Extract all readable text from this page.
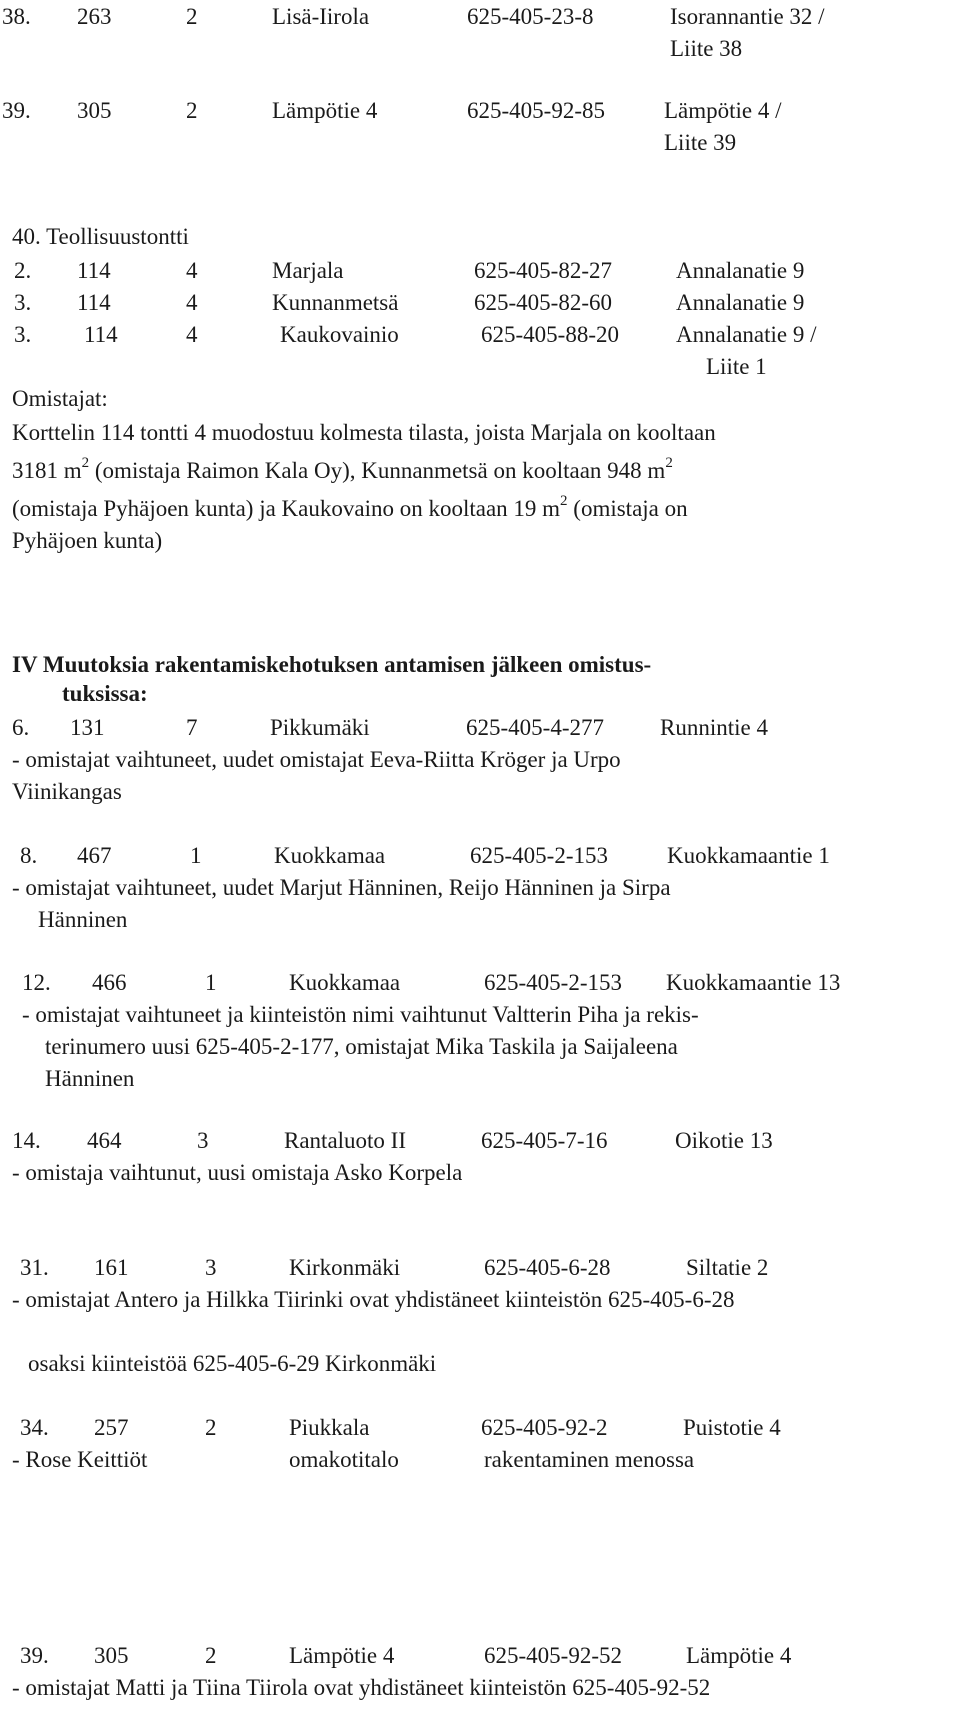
38. 263	2	Lisä-Iirola	625-405-23-8	Isorannantie 32 /
Liite 38
39. 305	2	Lämpötie 4	625-405-92-85	Lämpötie 4 /
Liite 39
40. Teollisuustontti
2. 114	4	Marjala	625-405-82-27	Annalanatie 9
3. 114	4	Kunnanmetsä	625-405-82-60	Annalanatie 9
3. 114	4	Kaukovainio	625-405-88-20 Annalanatie 9 /
Liite 1
Omistajat:
Korttelin 114 tontti 4 muodostuu kolmesta tilasta, joista Marjala on kooltaan
3181 $m^2$ (omistaja Raimon Kala Oy), Kunnanmetsä on kooltaan 948 $m^2$
(omistaja Pyhäjoen kunta) ja Kaukovaino on kooltaan 19 $m^2$ (omistaja on
Pyhäjoen kunta)
IV Muutoksia rakentamiskehotuksen antamisen jälkeen omistus-
tuksissa:
6. 131	7	Pikkumäki	625-405-4-277 Runnintie 4
- omistajat vaihtuneet, uudet omistajat Eeva-Riitta Kröger ja Urpo
Viinikangas
8. 467	1	Kuokkamaa	625-405-2-153	Kuokkamaantie 1
- omistajat vaihtuneet, uudet Marjut Hänninen, Reijo Hänninen ja Sirpa
Hänninen
12. 466	1	Kuokkamaa	625-405-2-153 Kuokkamaantie 13
- omistajat vaihtuneet ja kiinteistön nimi vaihtunut Valtterin Piha ja rekis-
terinumero uusi 625-405-2-177, omistajat Mika Taskila ja Saijaleena
Hänninen
14. 464	3	Rantaluoto II	625-405-7-16	Oikotie 13
- omistaja vaihtunut, uusi omistaja Asko Korpela
31. 161	3	Kirkonmäki	625-405-6-28	Siltatie 2
- omistajat Antero ja Hilkka Tiirinki ovat yhdistäneet kiinteistön 625-405-6-28
osaksi kiinteistöä 625-405-6-29 Kirkonmäki
34. 257	2	Piukkala	625-405-92-2	Puistotie 4
- Rose Keittiöt	omakotitalo	rakentaminen menossa
39. 305	2	Lämpötie 4	625-405-92-52	Lämpötie 4
- omistajat Matti ja Tiina Tiirola ovat yhdistäneet kiinteistön 625-405-92-52
